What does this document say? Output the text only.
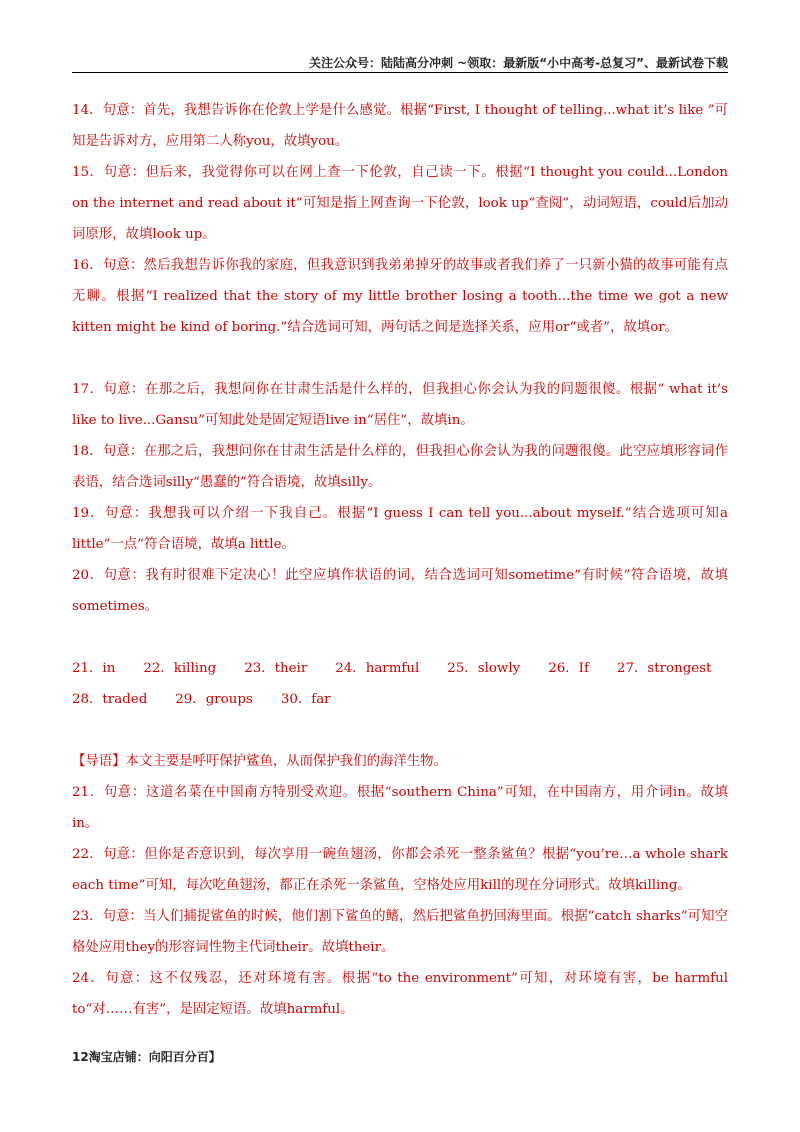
关注公众号：陆陆高分冲刺 ~领取：最新版“小中高考-总复习”、最新试卷下载

14．句意：首先，我想告诉你在伦敦上学是什么感觉。根据“First, I thought of telling...what it’s like ”可知是告诉对方，应用第二人称you，故填you。

15．句意：但后来，我觉得你可以在网上查一下伦敦，自己读一下。根据“I thought you could...London on the internet and read about it”可知是指上网查询一下伦敦，look up“查阅”，动词短语，could后加动词原形，故填look up。

16．句意：然后我想告诉你我的家庭，但我意识到我弟弟掉牙的故事或者我们养了一只新小猫的故事可能有点无聊。根据“I realized that the story of my little brother losing a tooth...the time we got a new kitten might be kind of boring.”结合选词可知，两句话之间是选择关系，应用or“或者”，故填or。

17．句意：在那之后，我想问你在甘肃生活是什么样的，但我担心你会认为我的问题很傻。根据“ what it’s like to live...Gansu”可知此处是固定短语live in“居住”，故填in。

18．句意：在那之后，我想问你在甘肃生活是什么样的，但我担心你会认为我的问题很傻。此空应填形容词作表语，结合选词silly“愚蠢的”符合语境，故填silly。

19．句意：我想我可以介绍一下我自己。根据“I guess I can tell you...about myself.”结合选项可知a little“一点”符合语境，故填a little。

20．句意：我有时很难下定决心！此空应填作状语的词，结合选词可知sometime“有时候”符合语境，故填sometimes。

21．in 22．killing 23．their 24．harmful 25．slowly 26．If 27．strongest
28．traded 29．groups 30．far

【导语】本文主要是呼吁保护鲨鱼，从而保护我们的海洋生物。

21．句意：这道名菜在中国南方特别受欢迎。根据“southern China”可知，在中国南方，用介词in。故填in。

22．句意：但你是否意识到，每次享用一碗鱼翅汤，你都会杀死一整条鲨鱼？根据“you’re…a whole shark each time”可知，每次吃鱼翅汤，都正在杀死一条鲨鱼，空格处应用kill的现在分词形式。故填killing。

23．句意：当人们捕捉鲨鱼的时候，他们割下鲨鱼的鳍，然后把鲨鱼扔回海里面。根据“catch sharks”可知空格处应用they的形容词性物主代词their。故填their。

24．句意：这不仅残忍，还对环境有害。根据“to the environment”可知，对环境有害，be harmful to“对……有害”，是固定短语。故填harmful。

12淘宝店铺：向阳百分百】
